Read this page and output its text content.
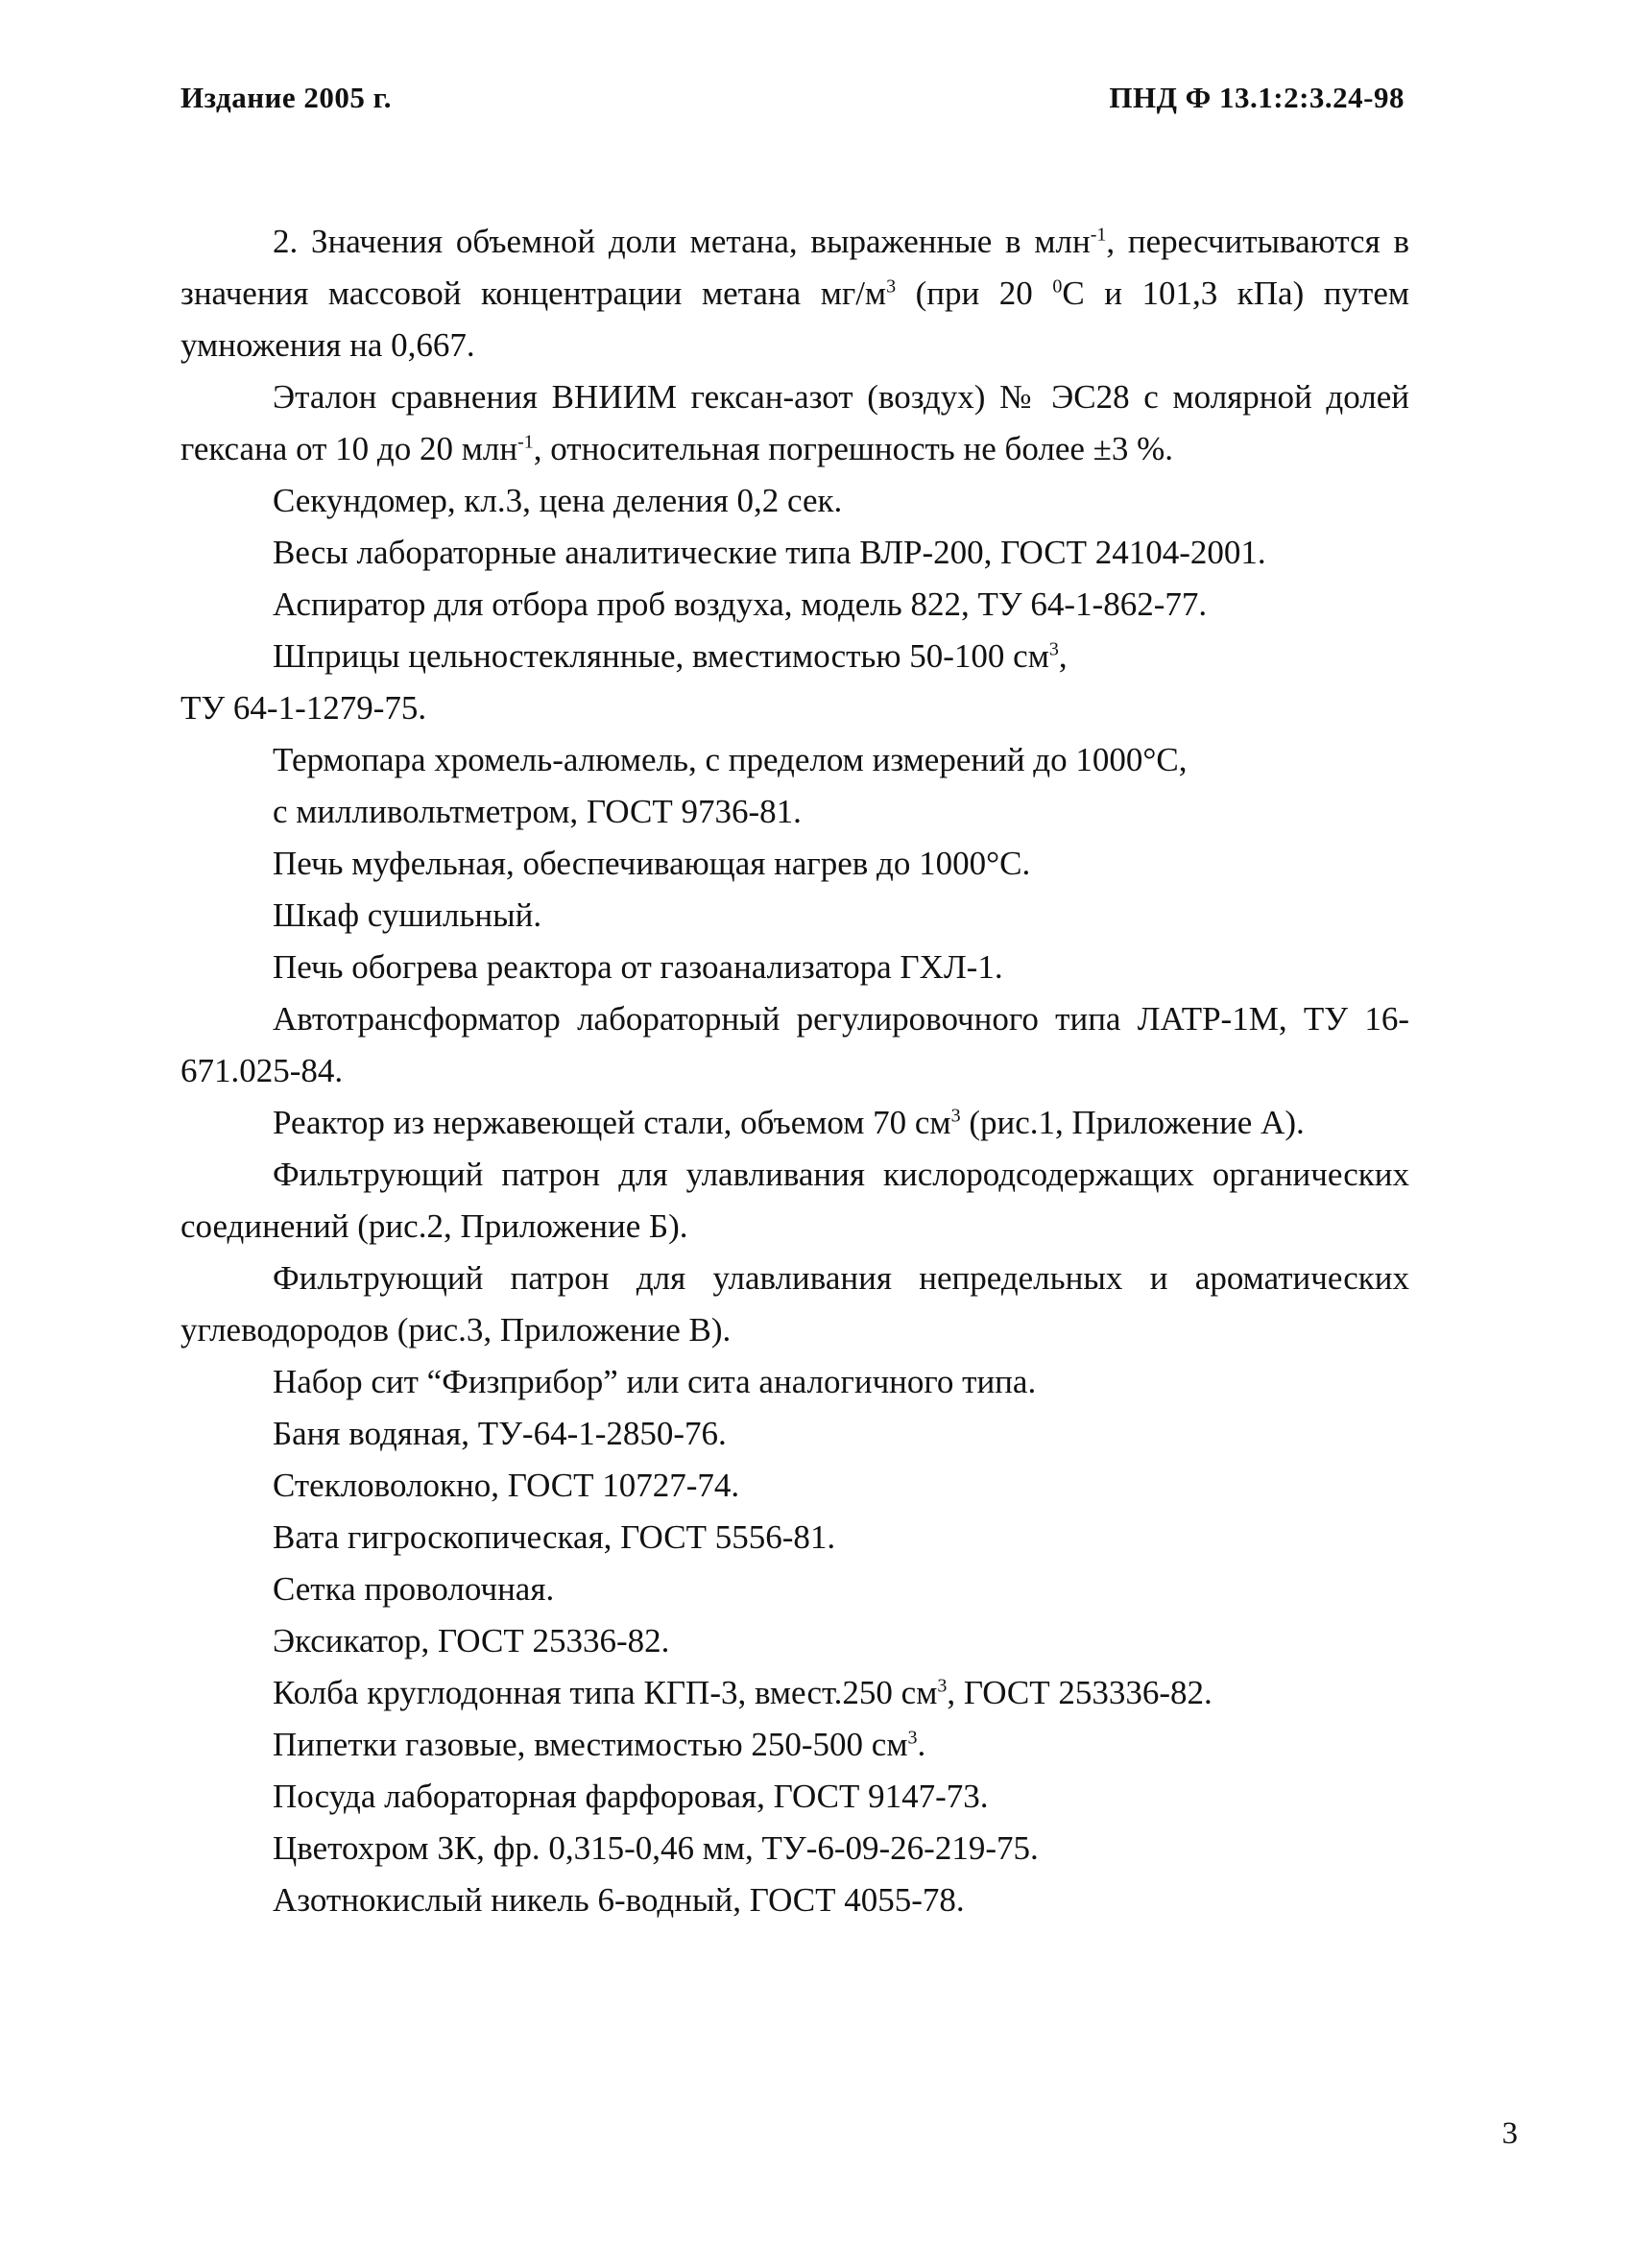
Издание 2005 г.	ПНД Ф 13.1:2:3.24-98

2. Значения объемной доли метана, выраженные в млн$^{-1}$, пересчитываются в значения массовой концентрации метана $мг/м^3$ (при 20 $^0$С и 101,3 кПа) путем умножения на 0,667.

Эталон сравнения ВНИИМ гексан-азот (воздух) № ЭС28 с молярной долей гексана от 10 до 20 млн$^{-1}$, относительная погрешность не более ±3 %.

Секундомер, кл.3, цена деления 0,2 сек.

Весы лабораторные аналитические типа ВЛР-200, ГОСТ 24104-2001.

Аспиратор для отбора проб воздуха, модель 822, ТУ 64-1-862-77.

Шприцы цельностеклянные, вместимостью 50-100 $см^3$,

ТУ 64-1-1279-75.

Термопара хромель-алюмель, с пределом измерений до 1000°С,

с милливольтметром, ГОСТ 9736-81.

Печь муфельная, обеспечивающая нагрев до 1000°С.

Шкаф сушильный.

Печь обогрева реактора от газоанализатора ГХЛ-1.

Автотрансформатор лабораторный регулировочного типа ЛАТР-1М, ТУ 16-671.025-84.

Реактор из нержавеющей стали, объемом 70 $см^3$ (рис.1, Приложение А).

Фильтрующий патрон для улавливания кислородсодержащих органических соединений (рис.2, Приложение Б).

Фильтрующий патрон для улавливания непредельных и ароматических углеводородов (рис.3, Приложение В).

Набор сит “Физприбор” или сита аналогичного типа.

Баня водяная, ТУ-64-1-2850-76.

Стекловолокно, ГОСТ 10727-74.

Вата гигроскопическая, ГОСТ 5556-81.

Сетка проволочная.

Эксикатор, ГОСТ 25336-82.

Колба круглодонная типа КГП-3, вмест.250 $см^3$, ГОСТ 253336-82.

Пипетки газовые, вместимостью 250-500 $см^3$.

Посуда лабораторная фарфоровая, ГОСТ 9147-73.

Цветохром 3К, фр. 0,315-0,46 мм, ТУ-6-09-26-219-75.

Азотнокислый никель 6-водный, ГОСТ 4055-78.

3
